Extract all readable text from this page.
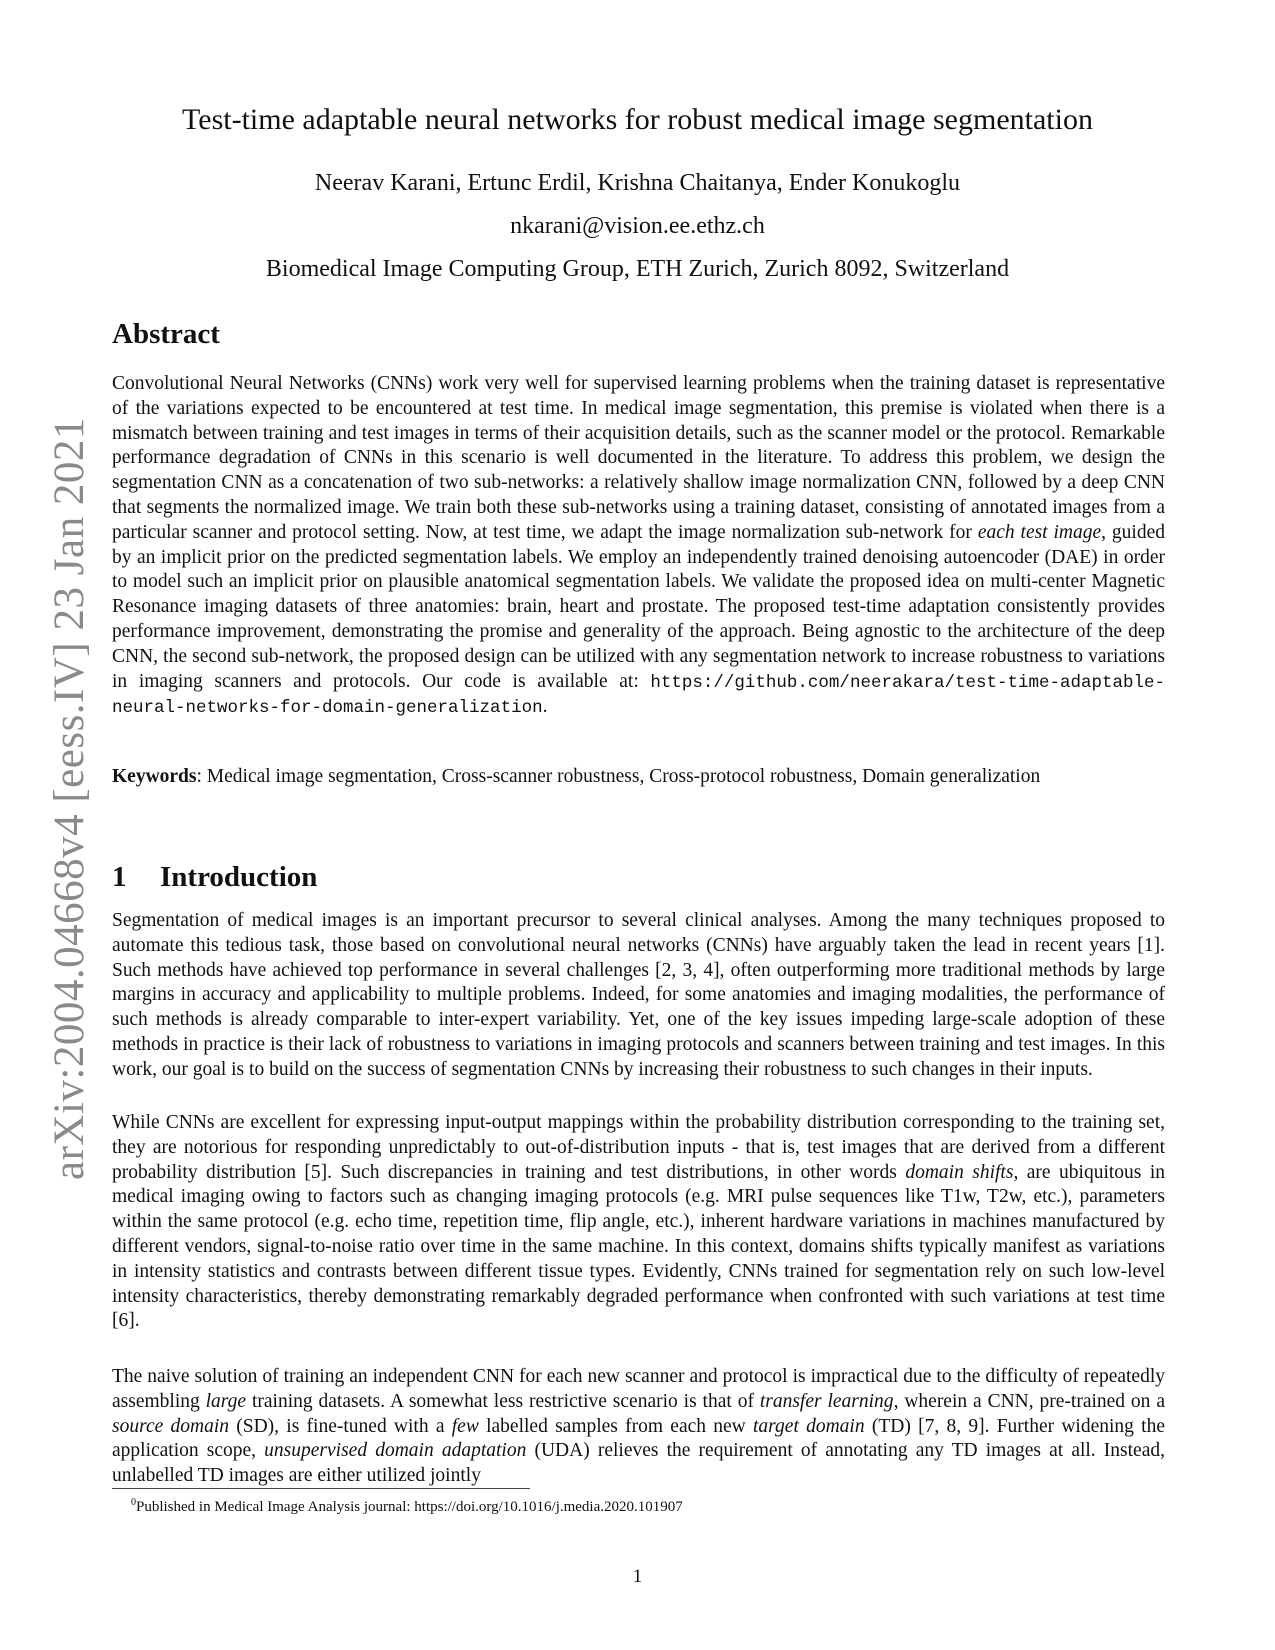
arXiv:2004.04668v4 [eess.IV] 23 Jan 2021
Test-time adaptable neural networks for robust medical image segmentation
Neerav Karani, Ertunc Erdil, Krishna Chaitanya, Ender Konukoglu
nkarani@vision.ee.ethz.ch
Biomedical Image Computing Group, ETH Zurich, Zurich 8092, Switzerland
Abstract

Convolutional Neural Networks (CNNs) work very well for supervised learning problems when the training dataset is representative of the variations expected to be encountered at test time. In medical image segmentation, this premise is violated when there is a mismatch between training and test images in terms of their acquisition details, such as the scanner model or the protocol. Remarkable performance degradation of CNNs in this scenario is well documented in the literature. To address this problem, we design the segmentation CNN as a concatenation of two sub-networks: a relatively shallow image normalization CNN, followed by a deep CNN that segments the normalized image. We train both these sub-networks using a training dataset, consisting of annotated images from a particular scanner and protocol setting. Now, at test time, we adapt the image normalization sub-network for each test image, guided by an implicit prior on the predicted segmentation labels. We employ an independently trained denoising autoencoder (DAE) in order to model such an implicit prior on plausible anatomical segmentation labels. We validate the proposed idea on multi-center Magnetic Resonance imaging datasets of three anatomies: brain, heart and prostate. The proposed test-time adaptation consistently provides performance improvement, demonstrating the promise and generality of the approach. Being agnostic to the architecture of the deep CNN, the second sub-network, the proposed design can be utilized with any segmentation network to increase robustness to variations in imaging scanners and protocols. Our code is available at: https://github.com/neerakara/test-time-adaptable-neural-networks-for-domain-generalization.

Keywords: Medical image segmentation, Cross-scanner robustness, Cross-protocol robustness, Domain generalization

1 Introduction

Segmentation of medical images is an important precursor to several clinical analyses. Among the many techniques proposed to automate this tedious task, those based on convolutional neural networks (CNNs) have arguably taken the lead in recent years [1]. Such methods have achieved top performance in several challenges [2, 3, 4], often outperforming more traditional methods by large margins in accuracy and applicability to multiple problems. Indeed, for some anatomies and imaging modalities, the performance of such methods is already comparable to inter-expert variability. Yet, one of the key issues impeding large-scale adoption of these methods in practice is their lack of robustness to variations in imaging protocols and scanners between training and test images. In this work, our goal is to build on the success of segmentation CNNs by increasing their robustness to such changes in their inputs.

While CNNs are excellent for expressing input-output mappings within the probability distribution corresponding to the training set, they are notorious for responding unpredictably to out-of-distribution inputs - that is, test images that are derived from a different probability distribution [5]. Such discrepancies in training and test distributions, in other words domain shifts, are ubiquitous in medical imaging owing to factors such as changing imaging protocols (e.g. MRI pulse sequences like T1w, T2w, etc.), parameters within the same protocol (e.g. echo time, repetition time, flip angle, etc.), inherent hardware variations in machines manufactured by different vendors, signal-to-noise ratio over time in the same machine. In this context, domains shifts typically manifest as variations in intensity statistics and contrasts between different tissue types. Evidently, CNNs trained for segmentation rely on such low-level intensity characteristics, thereby demonstrating remarkably degraded performance when confronted with such variations at test time [6].

The naive solution of training an independent CNN for each new scanner and protocol is impractical due to the difficulty of repeatedly assembling large training datasets. A somewhat less restrictive scenario is that of transfer learning, wherein a CNN, pre-trained on a source domain (SD), is fine-tuned with a few labelled samples from each new target domain (TD) [7, 8, 9]. Further widening the application scope, unsupervised domain adaptation (UDA) relieves the requirement of annotating any TD images at all. Instead, unlabelled TD images are either utilized jointly

$^0$Published in Medical Image Analysis journal: https://doi.org/10.1016/j.media.2020.101907

1
